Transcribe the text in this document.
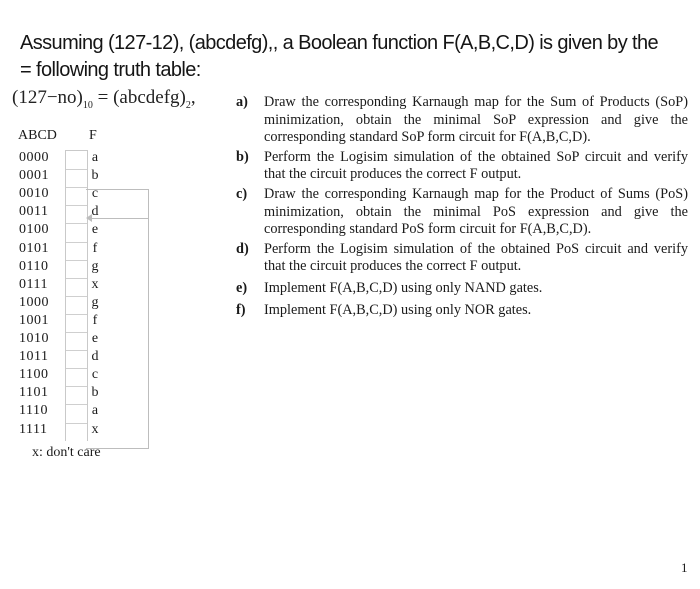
Assuming (127-12), (abcdefg),, a Boolean function F(A,B,C,D) is given by the = following truth table:
$(127-no)_{10}$ = $(abcdefg)_2$,
ABCD F
0000	a
0001	b
0010	c
0011	d
0100	e
0101	f
0110	g
0111	x
1000	g
1001	f
1010	e
1011	d
1100	c
1101	b
1110	a
1111	x
x: don't care
a) Draw the corresponding Karnaugh map for the Sum of Products (SoP) minimization, obtain the minimal SoP expression and give the corresponding standard SoP form circuit for F(A,B,C,D).
b) Perform the Logisim simulation of the obtained SoP circuit and verify that the circuit produces the correct F output.
c) Draw the corresponding Karnaugh map for the Product of Sums (PoS) minimization, obtain the minimal PoS expression and give the corresponding standard PoS form circuit for F(A,B,C,D).
d) Perform the Logisim simulation of the obtained PoS circuit and verify that the circuit produces the correct F output.
e) Implement F(A,B,C,D) using only NAND gates.
f) Implement F(A,B,C,D) using only NOR gates.
1
